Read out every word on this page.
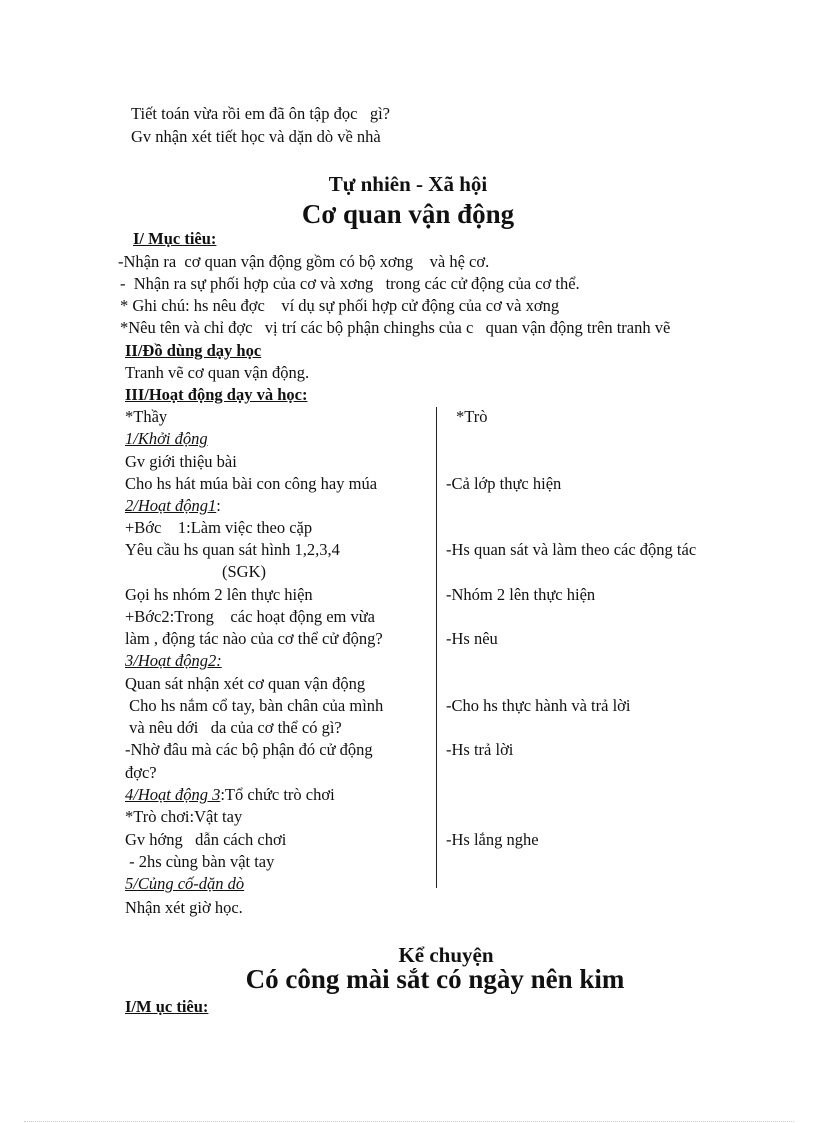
Tiết toán vừa rồi em đã ôn tập đọc   gì?
Gv nhận xét tiết học và dặn dò về nhà
Tự nhiên - Xã hội
Cơ quan vận động
I/ Mục tiêu:
-Nhận ra  cơ quan vận động gồm có bộ xơng    và hệ cơ.
-  Nhận ra sự phối hợp của cơ và xơng   trong các cử động của cơ thể.
* Ghi chú: hs nêu đợc    ví dụ sự phối hợp cử động của cơ và xơng
*Nêu tên và chỉ đợc   vị trí các bộ phận chinghs của c   quan vận động trên tranh vẽ
II/Đồ dùng dạy học
Tranh vẽ cơ quan vận động.
III/Hoạt động dạy và học:
*Thầy	*Trò
1/Khởi động
Gv giới thiệu bài
Cho hs hát múa bài con công hay múa	-Cả lớp thực hiện
2/Hoạt động1:
+Bớc    1:Làm việc theo cặp
Yêu cầu hs quan sát hình 1,2,3,4	-Hs quan sát và làm theo các động tác
(SGK)
Gọi hs nhóm 2 lên thực hiện	-Nhóm 2 lên thực hiện
+Bớc2:Trong    các hoạt động em vừa
làm , động tác nào của cơ thể cử động?	-Hs nêu
3/Hoạt động2:
Quan sát nhận xét cơ quan vận động
Cho hs nắm cổ tay, bàn chân của mình	-Cho hs thực hành và trả lời
và nêu dới   da của cơ thể có gì?
-Nhờ đâu mà các bộ phận đó cử động	-Hs trả lời
đợc?
4/Hoạt động 3:Tổ chức trò chơi
*Trò chơi:Vật tay
Gv hớng   dẫn cách chơi	-Hs lắng nghe
- 2hs cùng bàn vật tay
5/Củng cố-dặn dò
Nhận xét giờ học.
Kể chuyện
Có công mài sắt có ngày nên kim
I/M ục tiêu:
